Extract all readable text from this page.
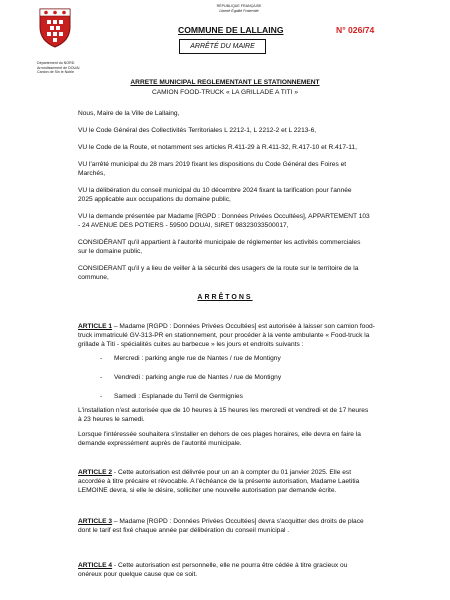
RÉPUBLIQUE FRANÇAISE
Liberté Égalité Fraternité
COMMUNE DE LALLAING	N° 026/74
ARRÊTÉ DU MAIRE
Département du NORD
Arrondissement de DOUAI
Canton de Sin le Noble
ARRETE MUNICIPAL REGLEMENTANT LE STATIONNEMENT
CAMION FOOD-TRUCK « LA GRILLADE A TITI »
Nous, Maire de la Ville de Lallaing,
VU le Code Général des Collectivités Territoriales L 2212-1, L 2212-2 et L 2213-6,
VU le Code de la Route, et notamment ses articles R.411-29 à R.411-32, R.417-10 et R.417-11,
VU l'arrêté municipal du 28 mars 2019 fixant les dispositions du Code Général des Foires et
Marchés,
VU la délibération du conseil municipal du 10 décembre 2024 fixant la tarification pour l'année
2025 applicable aux occupations du domaine public,
VU la demande présentée par Madame [RGPD : Données Privées Occultées], APPARTEMENT 103
- 24 AVENUE DES POTIERS - 59500 DOUAI, SIRET 98323033500017,
CONSIDÉRANT qu'il appartient à l'autorité municipale de réglementer les activités commerciales
sur le domaine public,
CONSIDERANT qu'il y a lieu de veiller à la sécurité des usagers de la route sur le territoire de la
commune,
ARRÊTONS
ARTICLE 1 – Madame [RGPD : Données Privées Occultées] est autorisée à laisser son camion food-
truck immatriculé GV-313-PR en stationnement, pour procéder à la vente ambulante « Food-truck la
grillade à Titi - spécialités cuites au barbecue » les jours et endroits suivants :
- Mercredi : parking angle rue de Nantes / rue de Montigny
- Vendredi : parking angle rue de Nantes / rue de Montigny
- Samedi : Esplanade du Terril de Germignies
L'installation n'est autorisée que de 10 heures à 15 heures les mercredi et vendredi et de 17 heures
à 23 heures le samedi.
Lorsque l'intéressée souhaitera s'installer en dehors de ces plages horaires, elle devra en faire la
demande expressément auprès de l'autorité municipale.
ARTICLE 2 - Cette autorisation est délivrée pour un an à compter du 01 janvier 2025. Elle est
accordée à titre précaire et révocable. A l'échéance de la présente autorisation, Madame Laetitia
LEMOINE devra, si elle le désire, solliciter une nouvelle autorisation par demande écrite.
ARTICLE 3 – Madame [RGPD : Données Privées Occultées] devra s'acquitter des droits de place
dont le tarif est fixé chaque année par délibération du conseil municipal .
ARTICLE 4 - Cette autorisation est personnelle, elle ne pourra être cédée à titre gracieux ou
onéreux pour quelque cause que ce soit.
